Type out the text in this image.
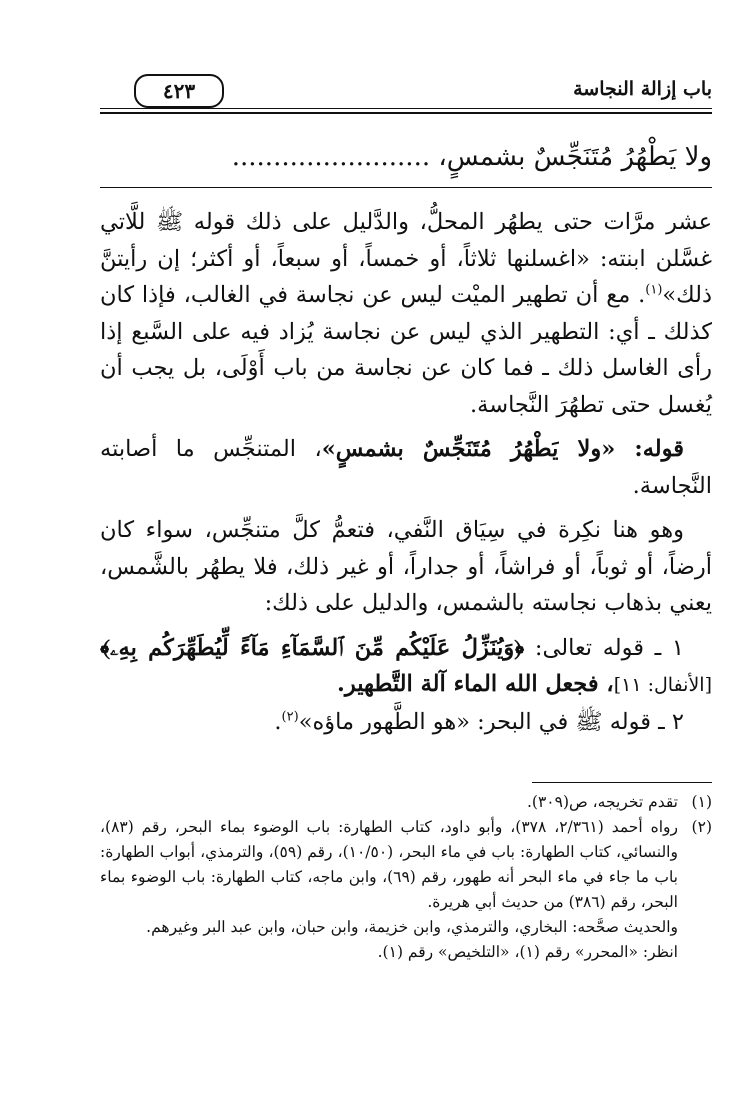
باب إزالة النجاسة
٤٢٣
ولا يَطْهُرُ مُتَنَجِّسٌ بشمسٍ، ........................

عشر مرَّات حتى يطهُر المحلُّ، والدَّليل على ذلك قوله ﷺ للَّاتي غسَّلن ابنته: «اغسلنها ثلاثاً، أو خمساً، أو سبعاً، أو أكثر؛ إن رأيتنَّ ذلك»$^{(١)}$. مع أن تطهير الميْت ليس عن نجاسة في الغالب، فإذا كان كذلك ـ أي: التطهير الذي ليس عن نجاسة يُزاد فيه على السَّبع إذا رأى الغاسل ذلك ـ فما كان عن نجاسة من باب أَوْلَى، بل يجب أن يُغسل حتى تطهُرَ النَّجاسة.

قوله: «ولا يَطْهُرُ مُتَنَجِّسٌ بشمسٍ»، المتنجِّس ما أصابته النَّجاسة.

وهو هنا نكِرة في سِيَاق النَّفي، فتعمُّ كلَّ متنجِّس، سواء كان أرضاً، أو ثوباً، أو فراشاً، أو جداراً، أو غير ذلك، فلا يطهُر بالشَّمس، يعني بذهاب نجاسته بالشمس، والدليل على ذلك:

١ ـ قوله تعالى: ﴿وَيُنَزِّلُ عَلَيْكُم مِّنَ ٱلسَّمَآءِ مَآءً لِّيُطَهِّرَكُم بِهِۦ﴾ [الأنفال: ١١]، فجعل الله الماء آلة التَّطهير.

٢ ـ قوله ﷺ في البحر: «هو الطَّهور ماؤه»$^{(٢)}$.

(١)
تقدم تخريجه، ص(٣٠٩).
(٢)
رواه أحمد (٢/٣٦١، ٣٧٨)، وأبو داود، كتاب الطهارة: باب الوضوء بماء البحر، رقم (٨٣)، والنسائي، كتاب الطهارة: باب في ماء البحر، (١٠/٥٠)، رقم (٥٩)، والترمذي، أبواب الطهارة: باب ما جاء في ماء البحر أنه طهور، رقم (٦٩)، وابن ماجه، كتاب الطهارة: باب الوضوء بماء البحر، رقم (٣٨٦) من حديث أبي هريرة.
والحديث صحَّحه: البخاري، والترمذي، وابن خزيمة، وابن حبان، وابن عبد البر وغيرهم.
انظر: «المحرر» رقم (١)، «التلخيص» رقم (١).
